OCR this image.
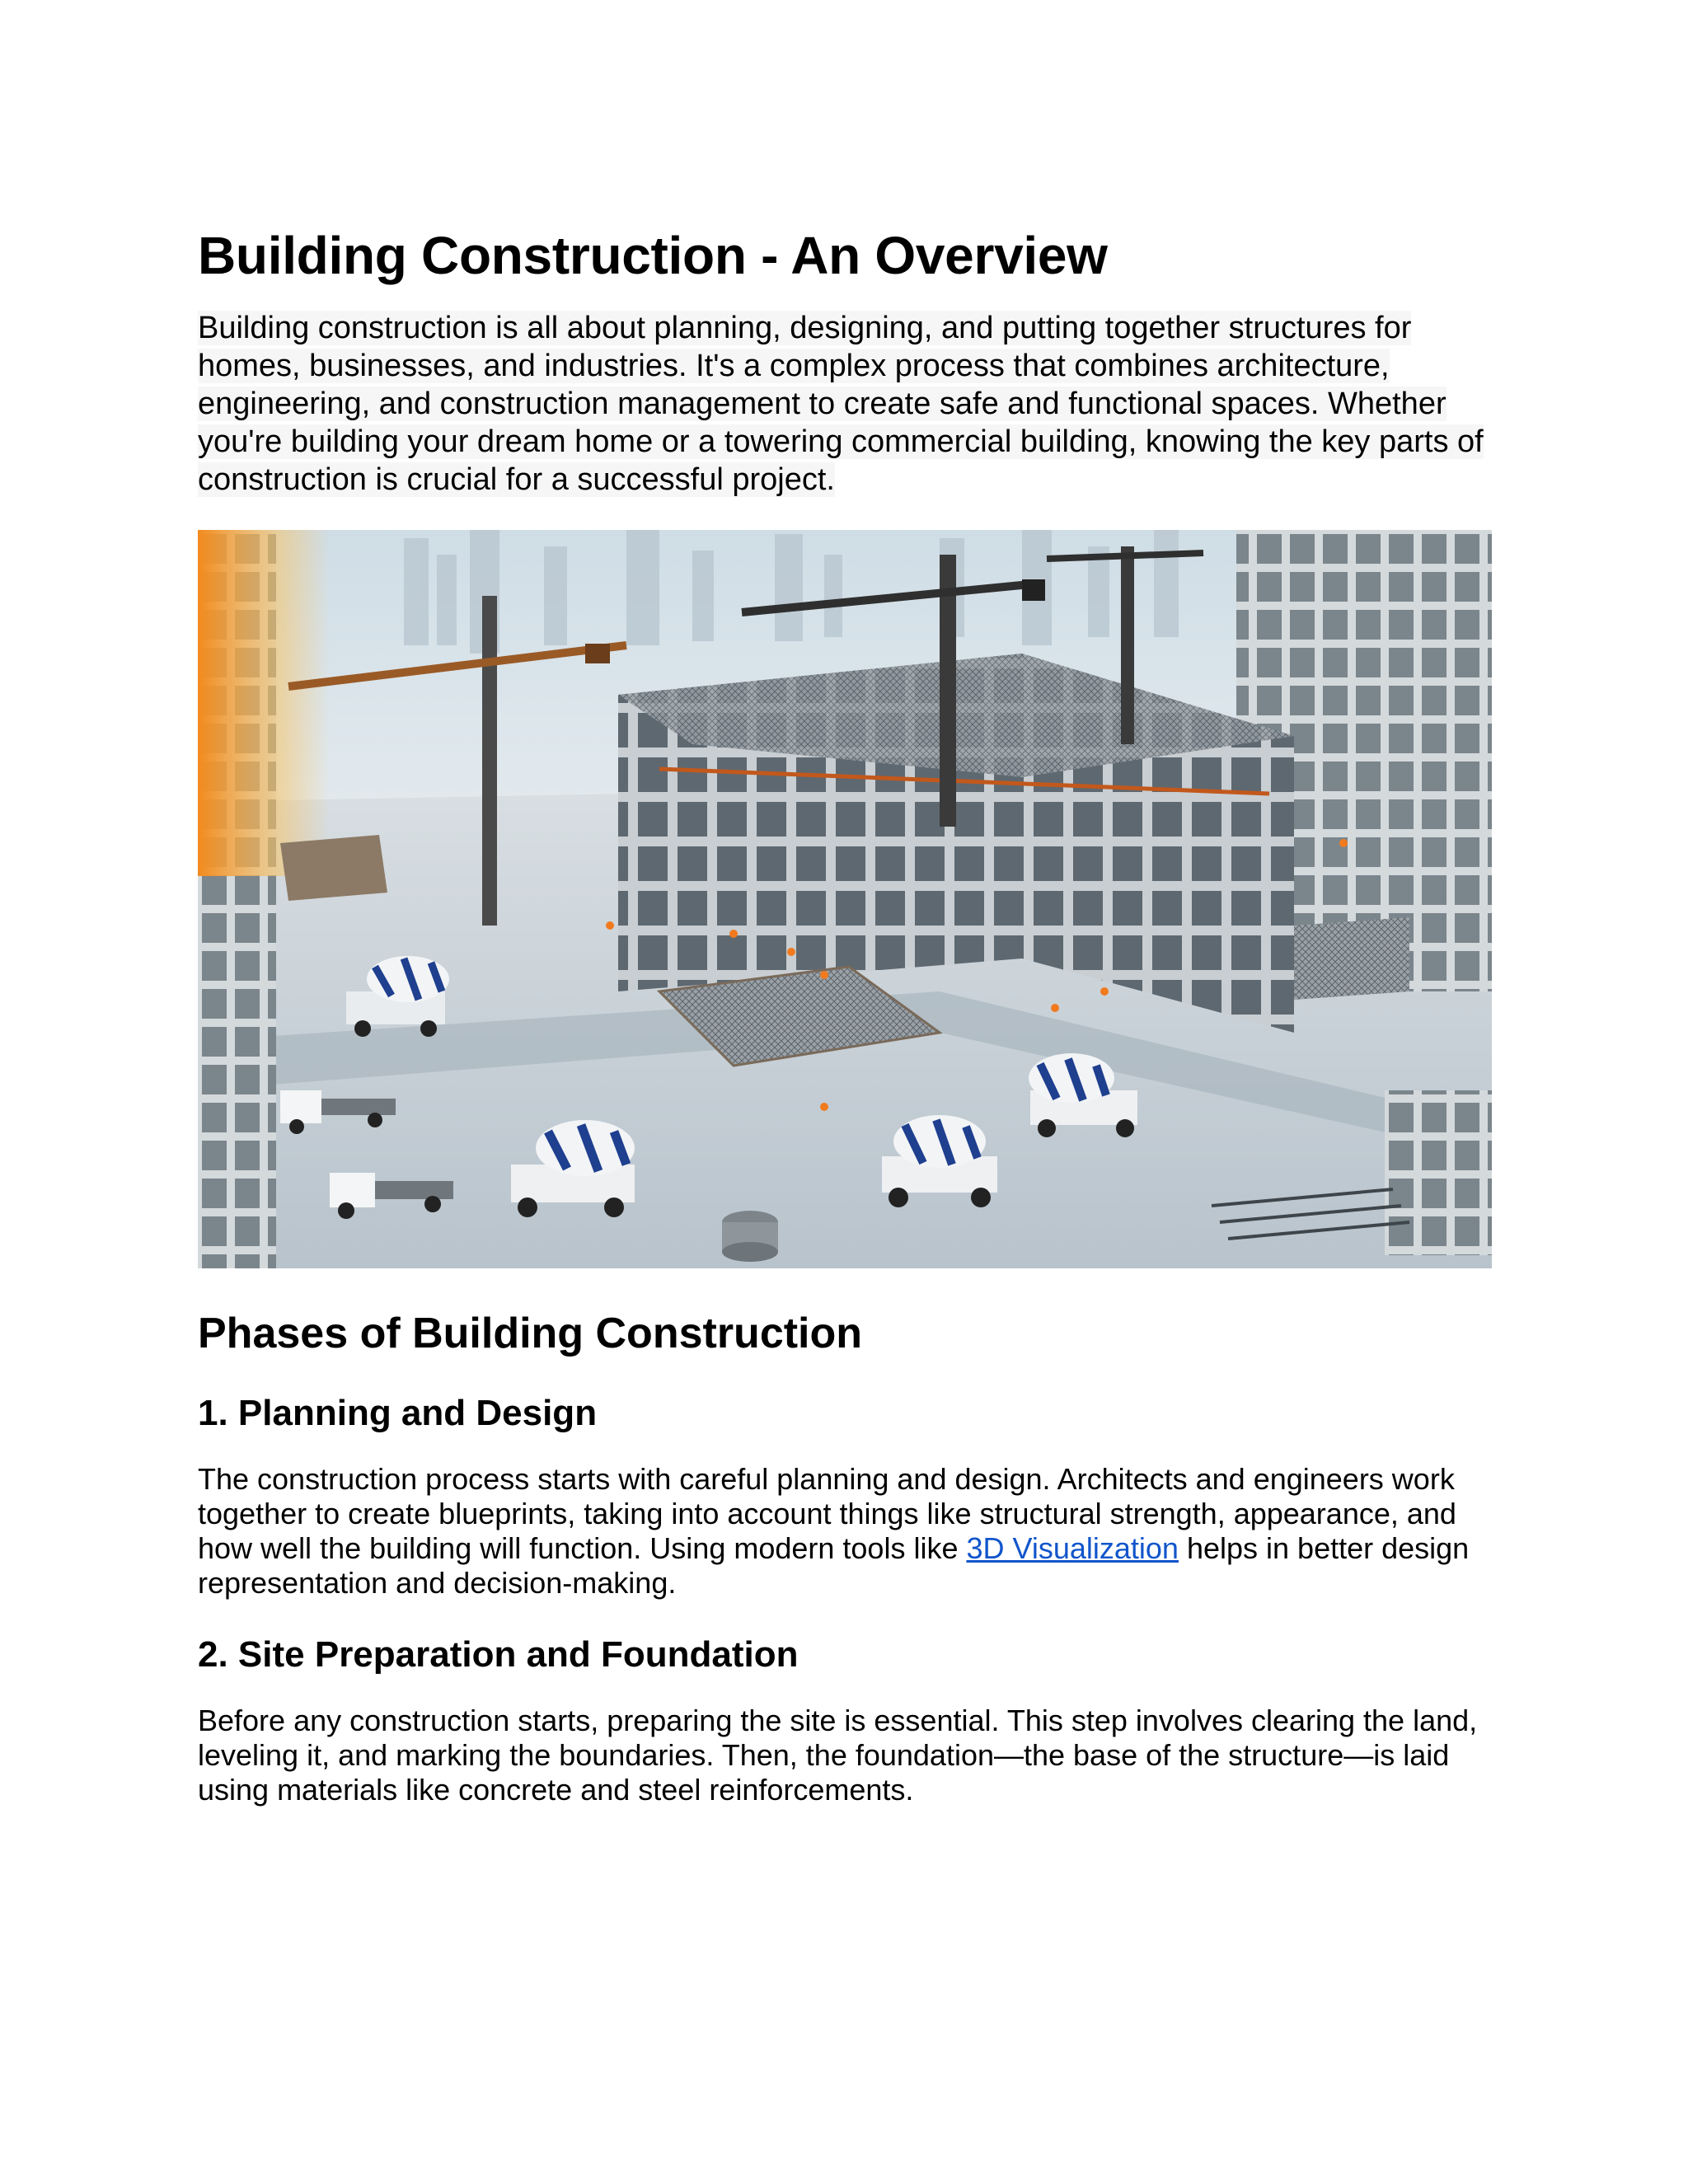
Building Construction - An Overview
Building construction is all about planning, designing, and putting together structures for homes, businesses, and industries. It's a complex process that combines architecture, engineering, and construction management to create safe and functional spaces. Whether you're building your dream home or a towering commercial building, knowing the key parts of construction is crucial for a successful project.
Phases of Building Construction
1. Planning and Design

The construction process starts with careful planning and design. Architects and engineers work together to create blueprints, taking into account things like structural strength, appearance, and how well the building will function. Using modern tools like 3D Visualization helps in better design representation and decision-making.

2. Site Preparation and Foundation

Before any construction starts, preparing the site is essential. This step involves clearing the land, leveling it, and marking the boundaries. Then, the foundation—the base of the structure—is laid using materials like concrete and steel reinforcements.
